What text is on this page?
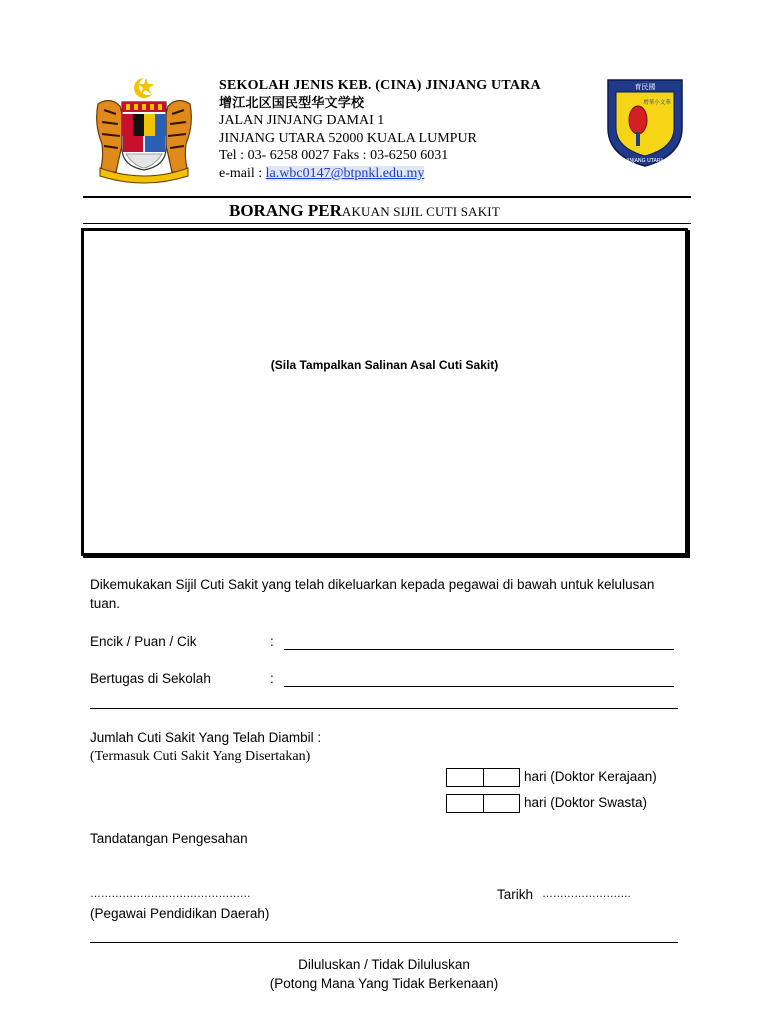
育民國
增華小文華
JINJANG UTARA
SEKOLAH JENIS KEB. (CINA) JINJANG UTARA
增江北区国民型华文学校
JALAN JINJANG DAMAI 1
JINJANG UTARA 52000 KUALA LUMPUR
Tel : 03- 6258 0027 Faks : 03-6250 6031
e-mail : la.wbc0147@btpnkl.edu.my
BORANG PERAKUAN SIJIL CUTI SAKIT
(Sila Tampalkan Salinan Asal Cuti Sakit)
Dikemukakan Sijil Cuti Sakit yang telah dikeluarkan kepada pegawai di bawah untuk kelulusan
tuan.
Encik / Puan / Cik	:
Bertugas di Sekolah	:
Jumlah Cuti Sakit Yang Telah Diambil :
(Termasuk Cuti Sakit Yang Disertakan)
hari (Doktor Kerajaan)
hari (Doktor Swasta)
Tandatangan Pengesahan
………………………………………
(Pegawai Pendidikan Daerah)
Tarikh …………………….
Diluluskan / Tidak Diluluskan
(Potong Mana Yang Tidak Berkenaan)
